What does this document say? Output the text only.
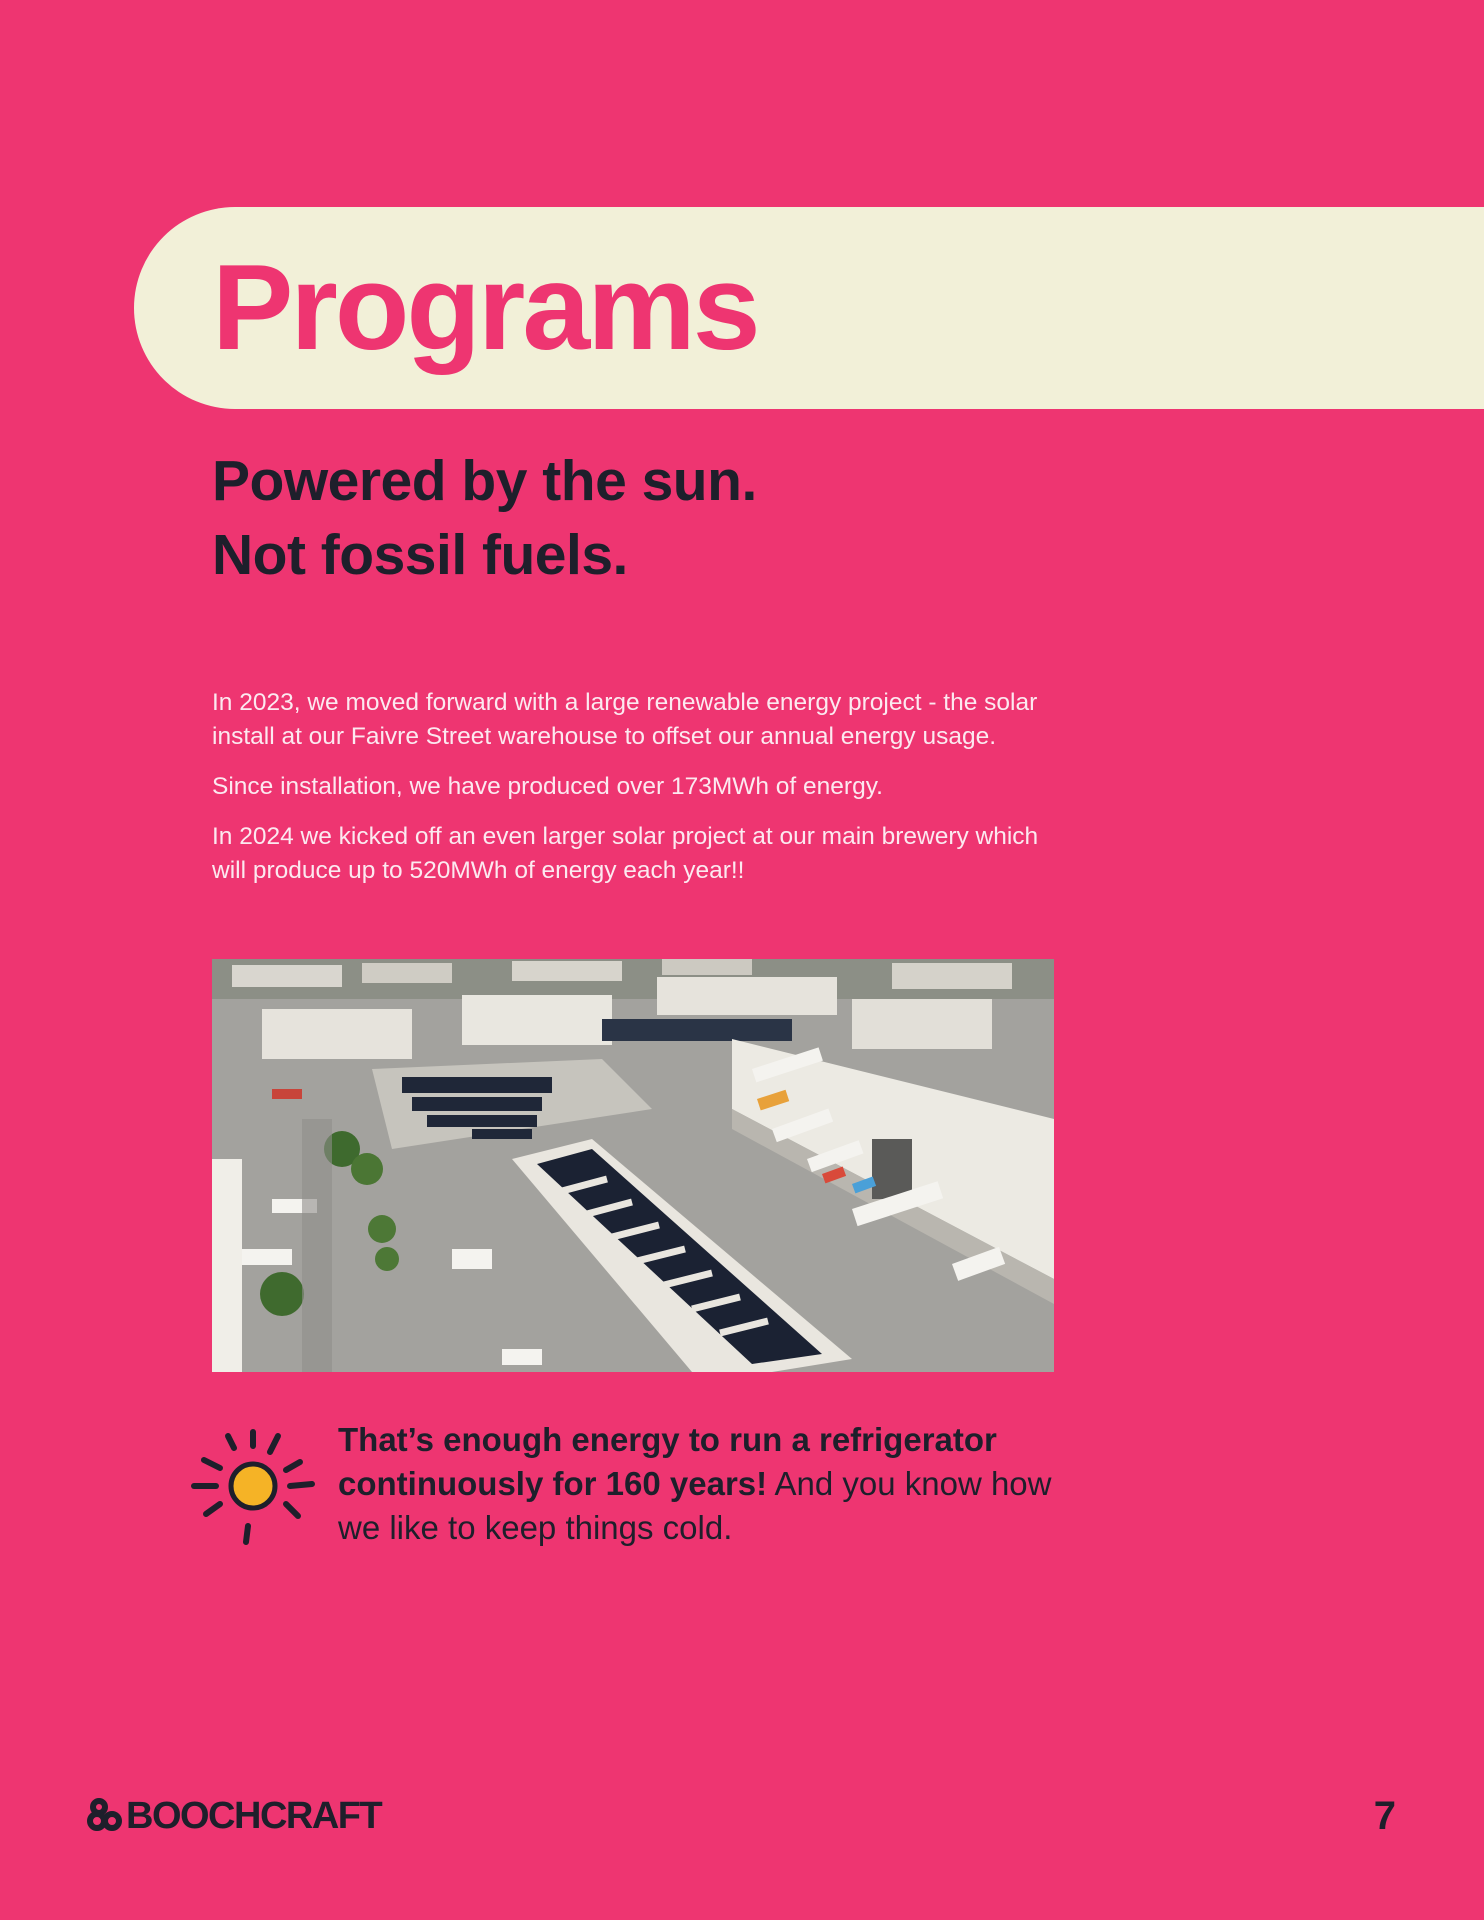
Programs
Powered by the sun.
Not fossil fuels.

In 2023, we moved forward with a large renewable energy project - the solar install at our Faivre Street warehouse to offset our annual energy usage.

Since installation, we have produced over 173MWh of energy.

In 2024 we kicked off an even larger solar project at our main brewery which will produce up to 520MWh of energy each year!!

That’s enough energy to run a refrigerator continuously for 160 years! And you know how we like to keep things cold.
BOOCHCRAFT	7
